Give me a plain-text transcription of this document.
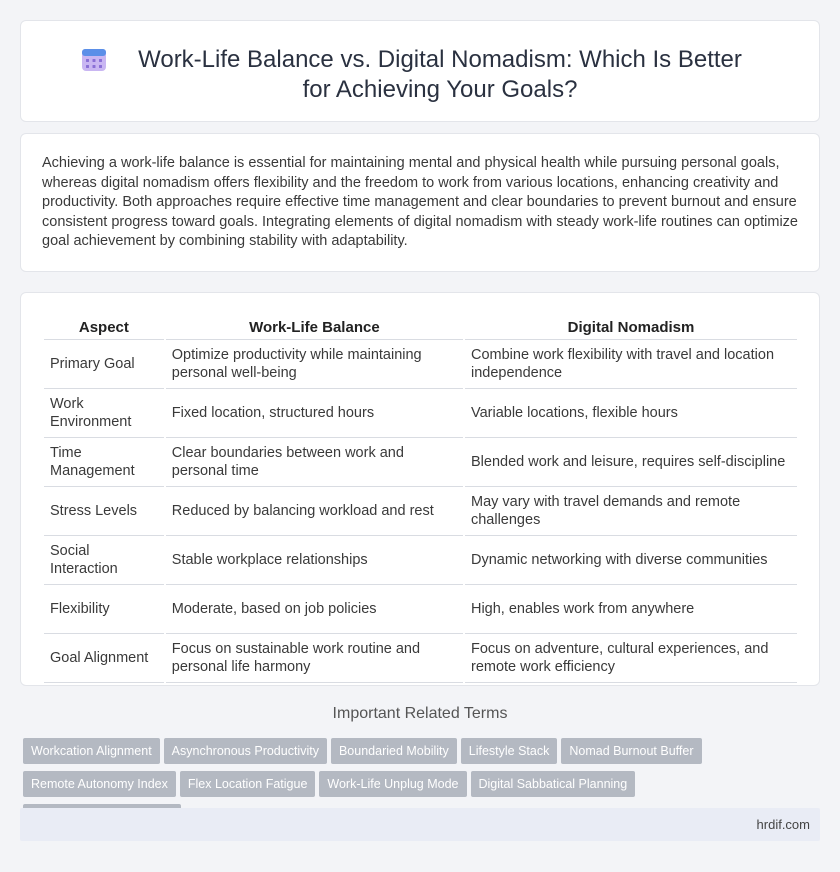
Work-Life Balance vs. Digital Nomadism: Which Is Better for Achieving Your Goals?
Achieving a work-life balance is essential for maintaining mental and physical health while pursuing personal goals, whereas digital nomadism offers flexibility and the freedom to work from various locations, enhancing creativity and productivity. Both approaches require effective time management and clear boundaries to prevent burnout and ensure consistent progress toward goals. Integrating elements of digital nomadism with steady work-life routines can optimize goal achievement by combining stability with adaptability.
Aspect	Work-Life Balance	Digital Nomadism
Primary Goal	Optimize productivity while maintaining personal well-being	Combine work flexibility with travel and location independence
Work Environment	Fixed location, structured hours	Variable locations, flexible hours
Time Management	Clear boundaries between work and personal time	Blended work and leisure, requires self-discipline
Stress Levels	Reduced by balancing workload and rest	May vary with travel demands and remote challenges
Social Interaction	Stable workplace relationships	Dynamic networking with diverse communities
Flexibility	Moderate, based on job policies	High, enables work from anywhere
Goal Alignment	Focus on sustainable work routine and personal life harmony	Focus on adventure, cultural experiences, and remote work efficiency
Important Related Terms
Workcation Alignment Asynchronous Productivity Boundaried Mobility Lifestyle Stack Nomad Burnout BufferRemote Autonomy Index Flex Location Fatigue Work-Life Unplug Mode Digital Sabbatical Planning
hrdif.com
